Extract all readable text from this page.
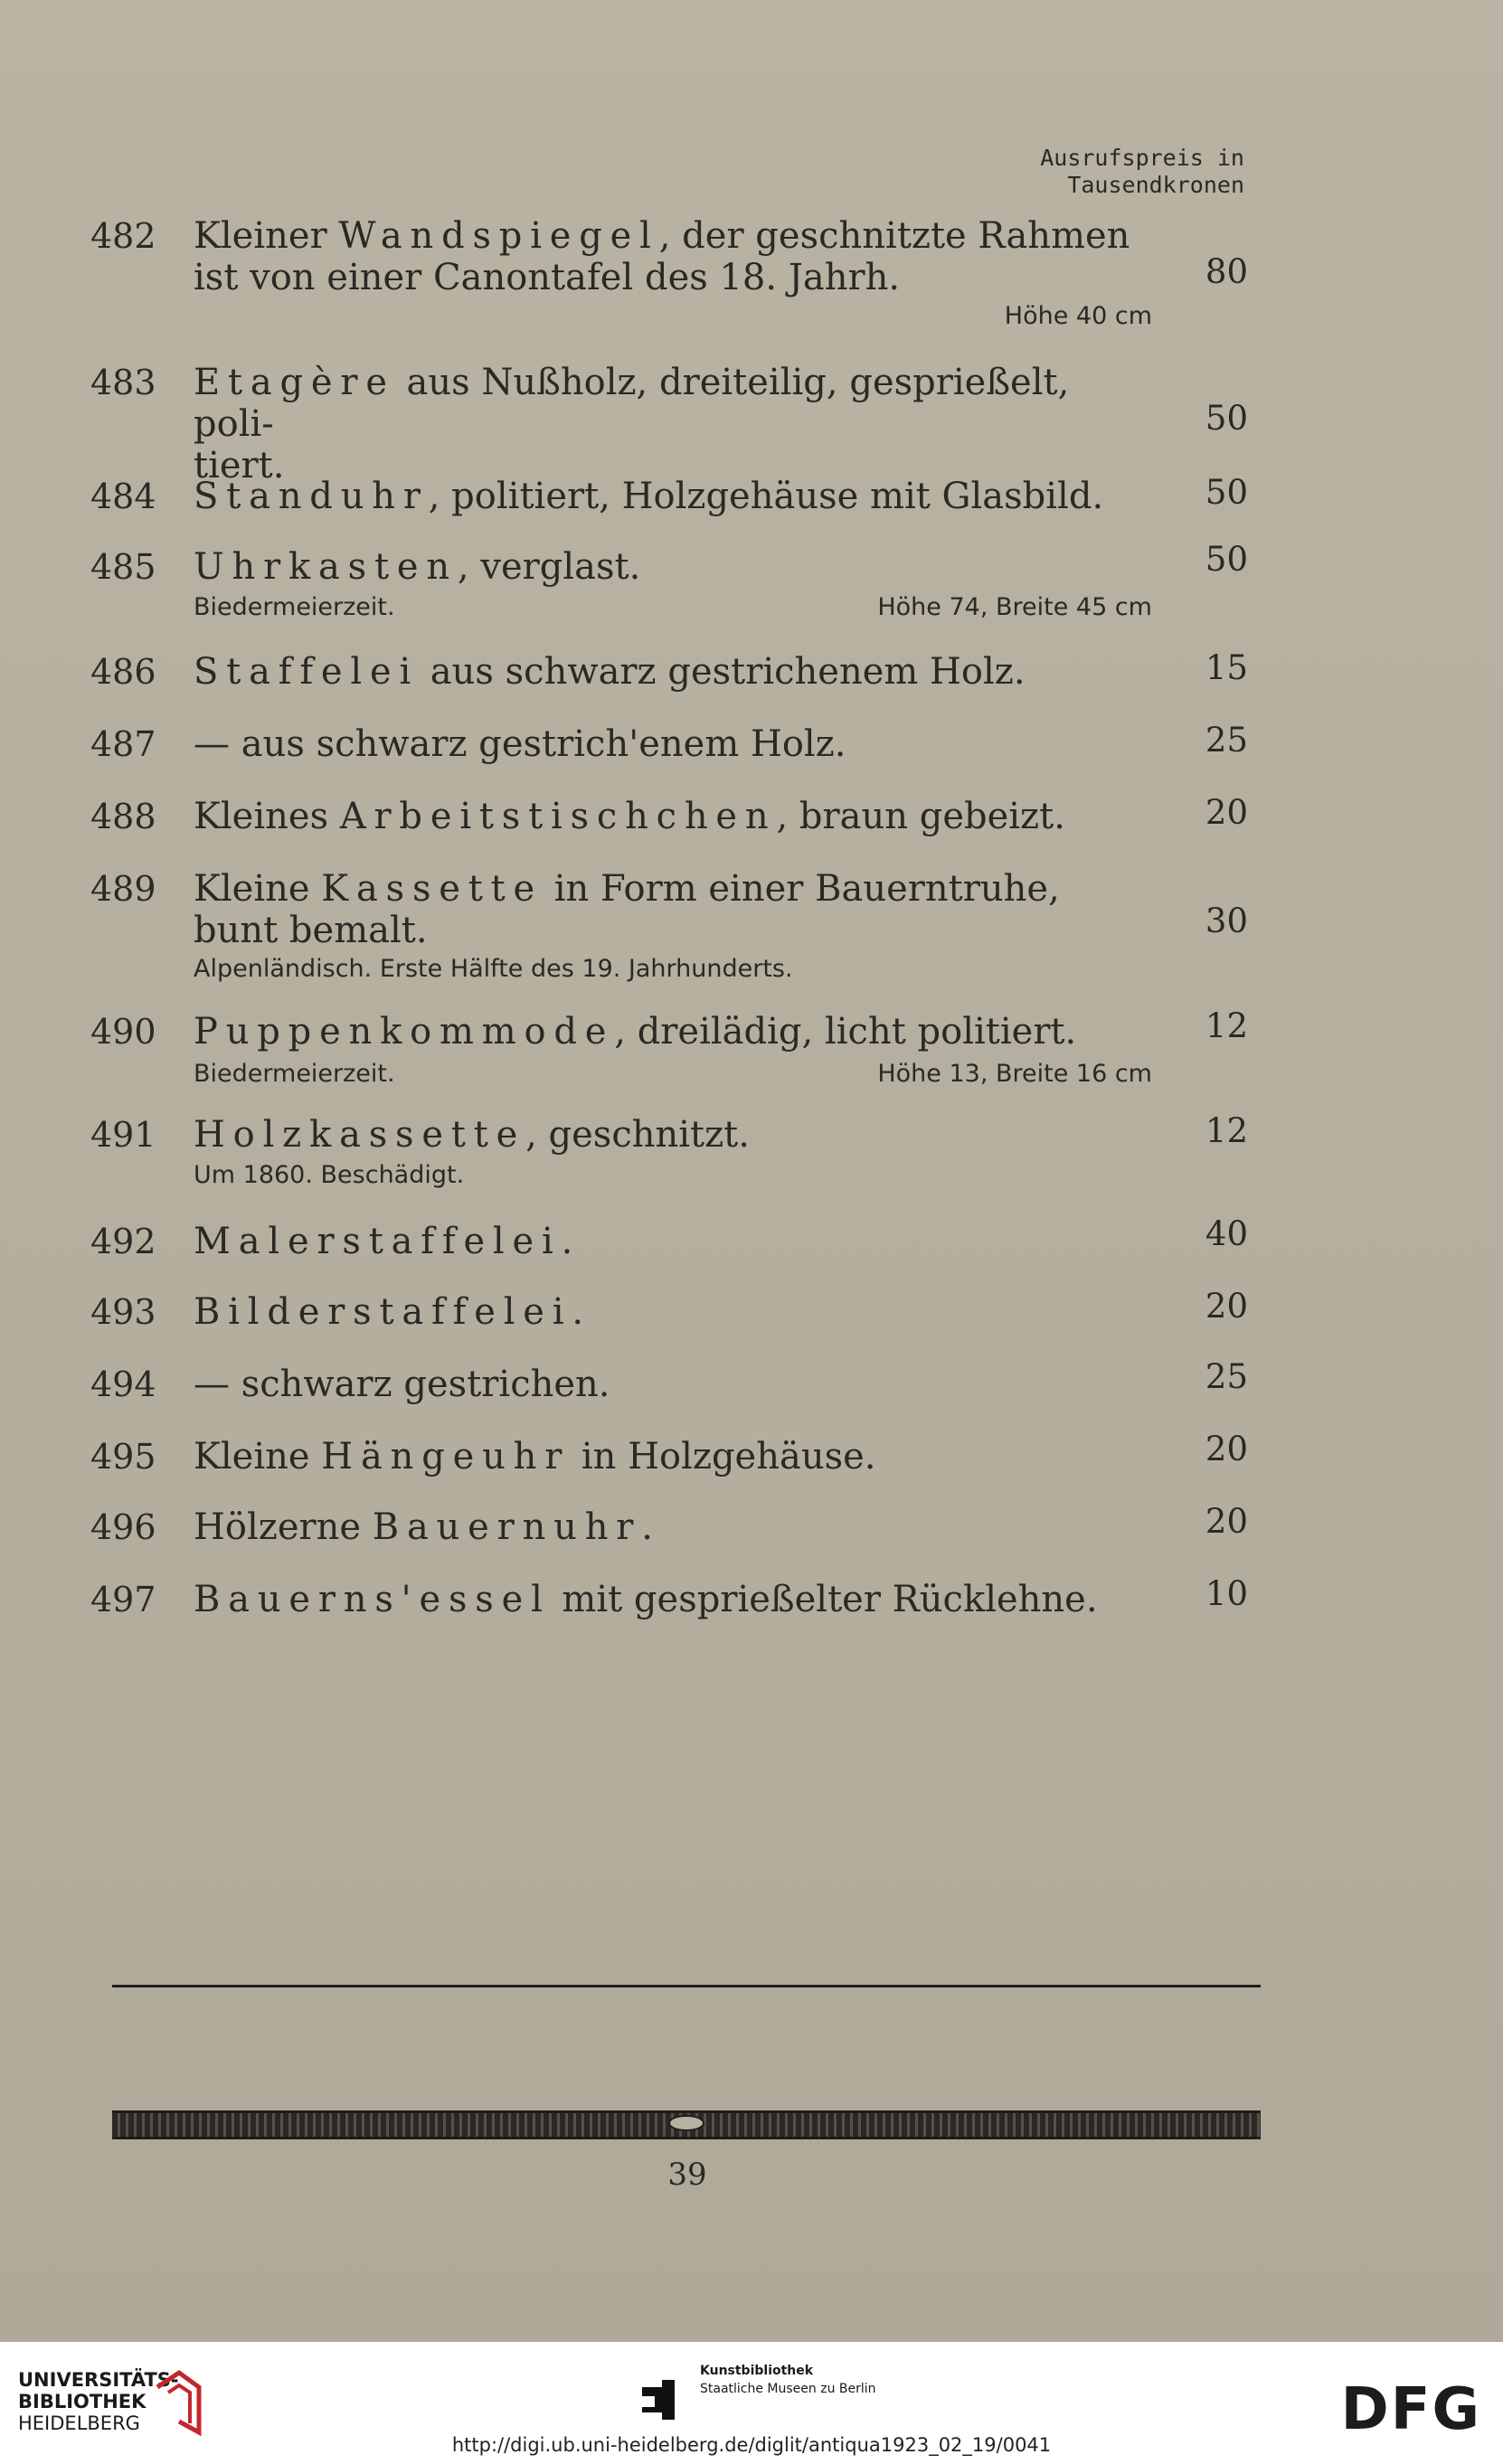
Ausrufspreis in
Tausendkronen
482 Kleiner Wandspiegel, der geschnitzte Rahmen
ist von einer Canontafel des 18. Jahrh.	80
Höhe 40 cm
483 Etagère aus Nußholz, dreiteilig, gesprießelt, poli-
tiert.
50
484 Standuhr, politiert, Holzgehäuse mit Glasbild.	50
485 Uhrkasten, verglast.	50
Biedermeierzeit.	Höhe 74, Breite 45 cm
486 Staffelei aus schwarz gestrichenem Holz.	15
487 — aus schwarz gestrich'enem Holz.	25
488 Kleines Arbeitstischchen, braun gebeizt.	20
489 Kleine Kassette in Form einer Bauerntruhe,
bunt bemalt.	30
Alpenländisch. Erste Hälfte des 19. Jahrhunderts.
490 Puppenkommode, dreilädig, licht politiert.	12
Biedermeierzeit.	Höhe 13, Breite 16 cm
491 Holzkassette, geschnitzt.	12
Um 1860. Beschädigt.
492 Malerstaffelei.	40
493 Bilderstaffelei.	20
494 — schwarz gestrichen.	25
495 Kleine Hängeuhr in Holzgehäuse.	20
496 Hölzerne Bauernuhr.	20
497 Bauerns'essel mit gesprießelter Rücklehne.	10
39
UNIVERSITÄTS-
BIBLIOTHEK
HEIDELBERG
Kunstbibliothek
Staatliche Museen zu Berlin	DFG
http://digi.ub.uni-heidelberg.de/diglit/antiqua1923_02_19/0041
